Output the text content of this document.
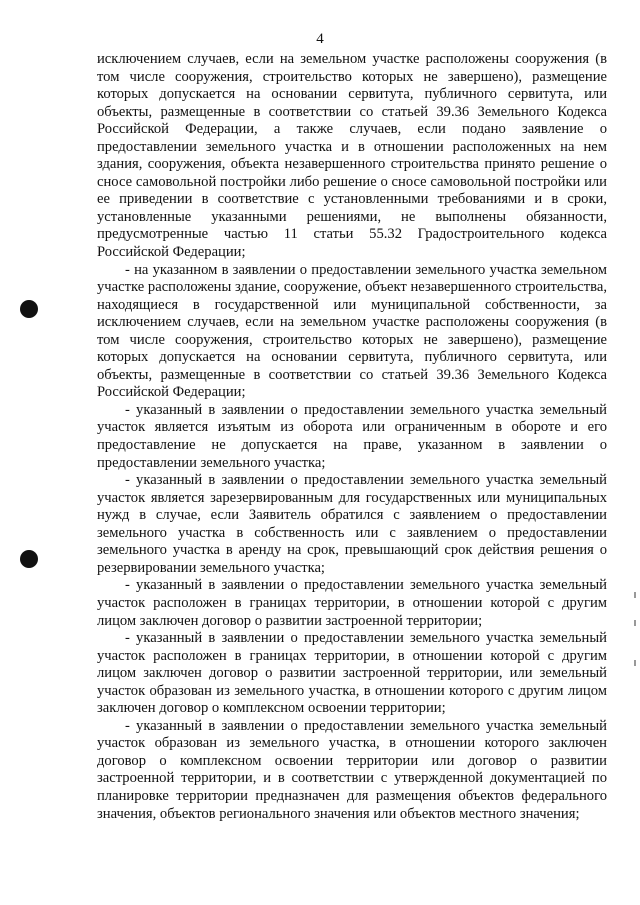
4

исключением случаев, если на земельном участке расположены сооружения (в том числе сооружения, строительство которых не завершено), размещение которых допускается на основании сервитута, публичного сервитута, или объекты, размещенные в соответствии со статьей 39.36 Земельного Кодекса Российской Федерации, а также случаев, если подано заявление о предоставлении земельного участка и в отношении расположенных на нем здания, сооружения, объекта незавершенного строительства принято решение о сносе самовольной постройки либо решение о сносе самовольной постройки или ее приведении в соответствие с установленными требованиями и в сроки, установленные указанными решениями, не выполнены обязанности, предусмотренные частью 11 статьи 55.32 Градостроительного кодекса Российской Федерации;

- на указанном в заявлении о предоставлении земельного участка земельном участке расположены здание, сооружение, объект незавершенного строительства, находящиеся в государственной или муниципальной собственности, за исключением случаев, если на земельном участке расположены сооружения (в том числе сооружения, строительство которых не завершено), размещение которых допускается на основании сервитута, публичного сервитута, или объекты, размещенные в соответствии со статьей 39.36 Земельного Кодекса Российской Федерации;

- указанный в заявлении о предоставлении земельного участка земельный участок является изъятым из оборота или ограниченным в обороте и его предоставление не допускается на праве, указанном в заявлении о предоставлении земельного участка;

- указанный в заявлении о предоставлении земельного участка земельный участок является зарезервированным для государственных или муниципальных нужд в случае, если Заявитель обратился с заявлением о предоставлении земельного участка в собственность или с заявлением о предоставлении земельного участка в аренду на срок, превышающий срок действия решения о резервировании земельного участка;

- указанный в заявлении о предоставлении земельного участка земельный участок расположен в границах территории, в отношении которой с другим лицом заключен договор о развитии застроенной территории;

- указанный в заявлении о предоставлении земельного участка земельный участок расположен в границах территории, в отношении которой с другим лицом заключен договор о развитии застроенной территории, или земельный участок образован из земельного участка, в отношении которого с другим лицом заключен договор о комплексном освоении территории;

- указанный в заявлении о предоставлении земельного участка земельный участок образован из земельного участка, в отношении которого заключен договор о комплексном освоении территории или договор о развитии застроенной территории, и в соответствии с утвержденной документацией по планировке территории предназначен для размещения объектов федерального значения, объектов регионального значения или объектов местного значения;
